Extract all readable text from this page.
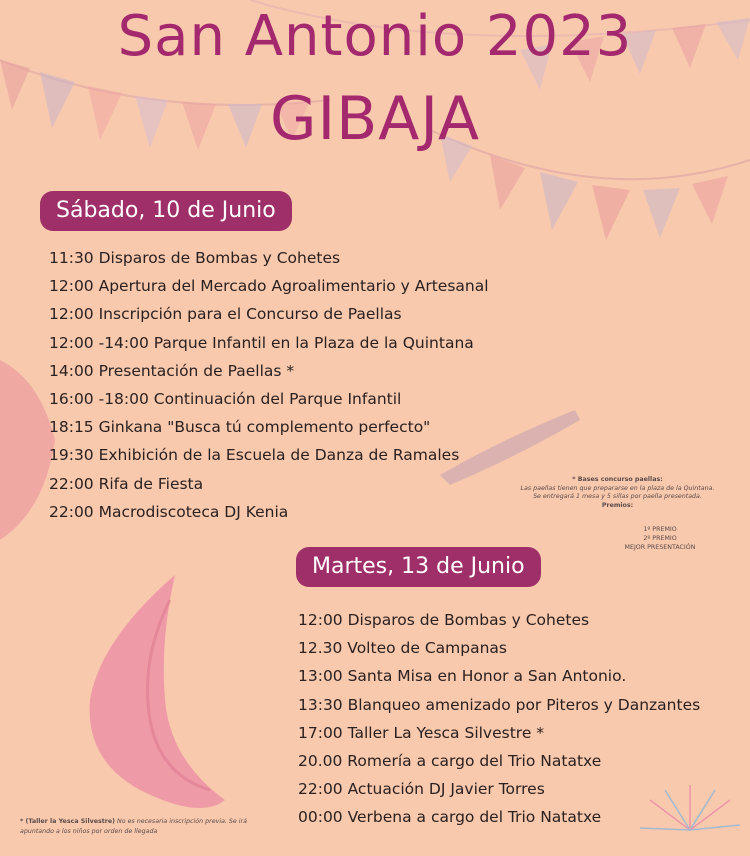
San Antonio 2023
GIBAJA
Sábado, 10 de Junio
11:30 Disparos de Bombas y Cohetes
12:00 Apertura del Mercado Agroalimentario y Artesanal
12:00 Inscripción para el Concurso de Paellas
12:00 -14:00 Parque Infantil en la Plaza de la Quintana
14:00 Presentación de Paellas *
16:00 -18:00 Continuación del Parque Infantil
18:15 Ginkana "Busca tú complemento perfecto"
19:30 Exhibición de la Escuela de Danza de Ramales
22:00 Rifa de Fiesta
22:00 Macrodiscoteca DJ Kenia
* Bases concurso paellas:
Las paellas tienen que prepararse en la plaza de la Quintana.
Se entregará 1 mesa y 5 sillas por paella presentada.
Premios:
1º PREMIO
2º PREMIO
MEJOR PRESENTACIÓN
Martes, 13 de Junio
12:00 Disparos de Bombas y Cohetes
12.30 Volteo de Campanas
13:00 Santa Misa en Honor a San Antonio.
13:30 Blanqueo amenizado por Piteros y Danzantes
17:00 Taller La Yesca Silvestre *
20.00 Romería a cargo del Trio Natatxe
22:00 Actuación DJ Javier Torres
00:00 Verbena a cargo del Trio Natatxe
* (Taller la Yesca Silvestre) No es necesaria inscripción previa. Se irá apuntando a los niños por orden de llegada
